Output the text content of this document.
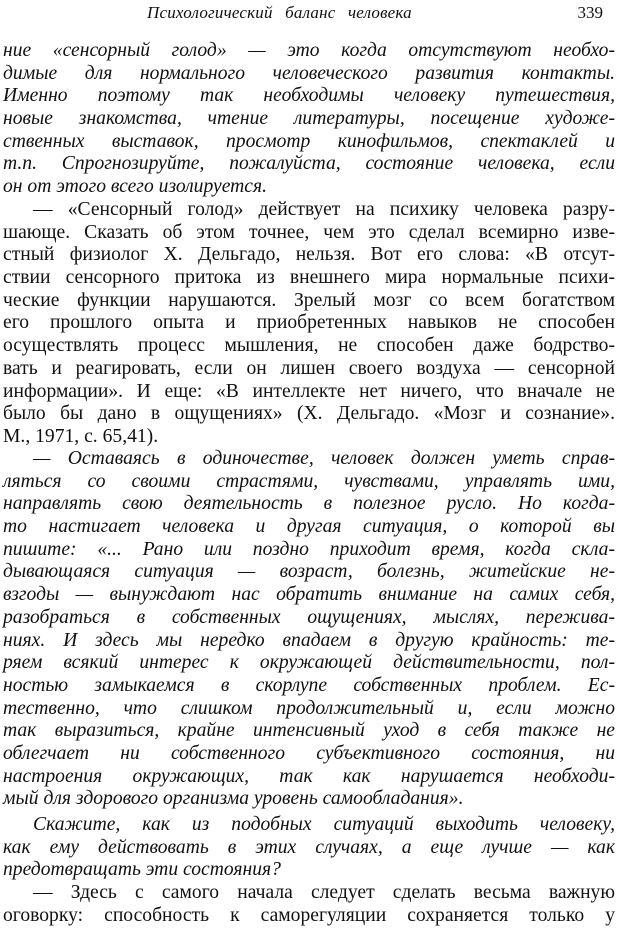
Психологический баланс человека	339
ние «сенсорный голод» — это когда отсутствуют необхо-
димые для нормального человеческого развития контакты.
Именно поэтому так необходимы человеку путешествия,
новые знакомства, чтение литературы, посещение художе-
ственных выставок, просмотр кинофильмов, спектаклей и
т.п. Спрогнозируйте, пожалуйста, состояние человека, если
он от этого всего изолируется.
— «Сенсорный голод» действует на психику человека разру-
шающе. Сказать об этом точнее, чем это сделал всемирно изве-
стный физиолог Х. Дельгадо, нельзя. Вот его слова: «В отсут-
ствии сенсорного притока из внешнего мира нормальные психи-
ческие функции нарушаются. Зрелый мозг со всем богатством
его прошлого опыта и приобретенных навыков не способен
осуществлять процесс мышления, не способен даже бодрство-
вать и реагировать, если он лишен своего воздуха — сенсорной
информации». И еще: «В интеллекте нет ничего, что вначале не
было бы дано в ощущениях» (Х. Дельгадо. «Мозг и сознание».
М., 1971, с. 65,41).
— Оставаясь в одиночестве, человек должен уметь справ-
ляться со своими страстями, чувствами, управлять ими,
направлять свою деятельность в полезное русло. Но когда-
то настигает человека и другая ситуация, о которой вы
пишите: «... Рано или поздно приходит время, когда скла-
дывающаяся ситуация — возраст, болезнь, житейские не-
взгоды — вынуждают нас обратить внимание на самих себя,
разобраться в собственных ощущениях, мыслях, пережива-
ниях. И здесь мы нередко впадаем в другую крайность: те-
ряем всякий интерес к окружающей действительности, пол-
ностью замыкаемся в скорлупе собственных проблем. Ес-
тественно, что слишком продолжительный и, если можно
так выразиться, крайне интенсивный уход в себя также не
облегчает ни собственного субъективного состояния, ни
настроения окружающих, так как нарушается необходи-
мый для здорового организма уровень самообладания».
Скажите, как из подобных ситуаций выходить человеку,
как ему действовать в этих случаях, а еще лучше — как
предотвращать эти состояния?
— Здесь с самого начала следует сделать весьма важную
оговорку: способность к саморегуляции сохраняется только у
